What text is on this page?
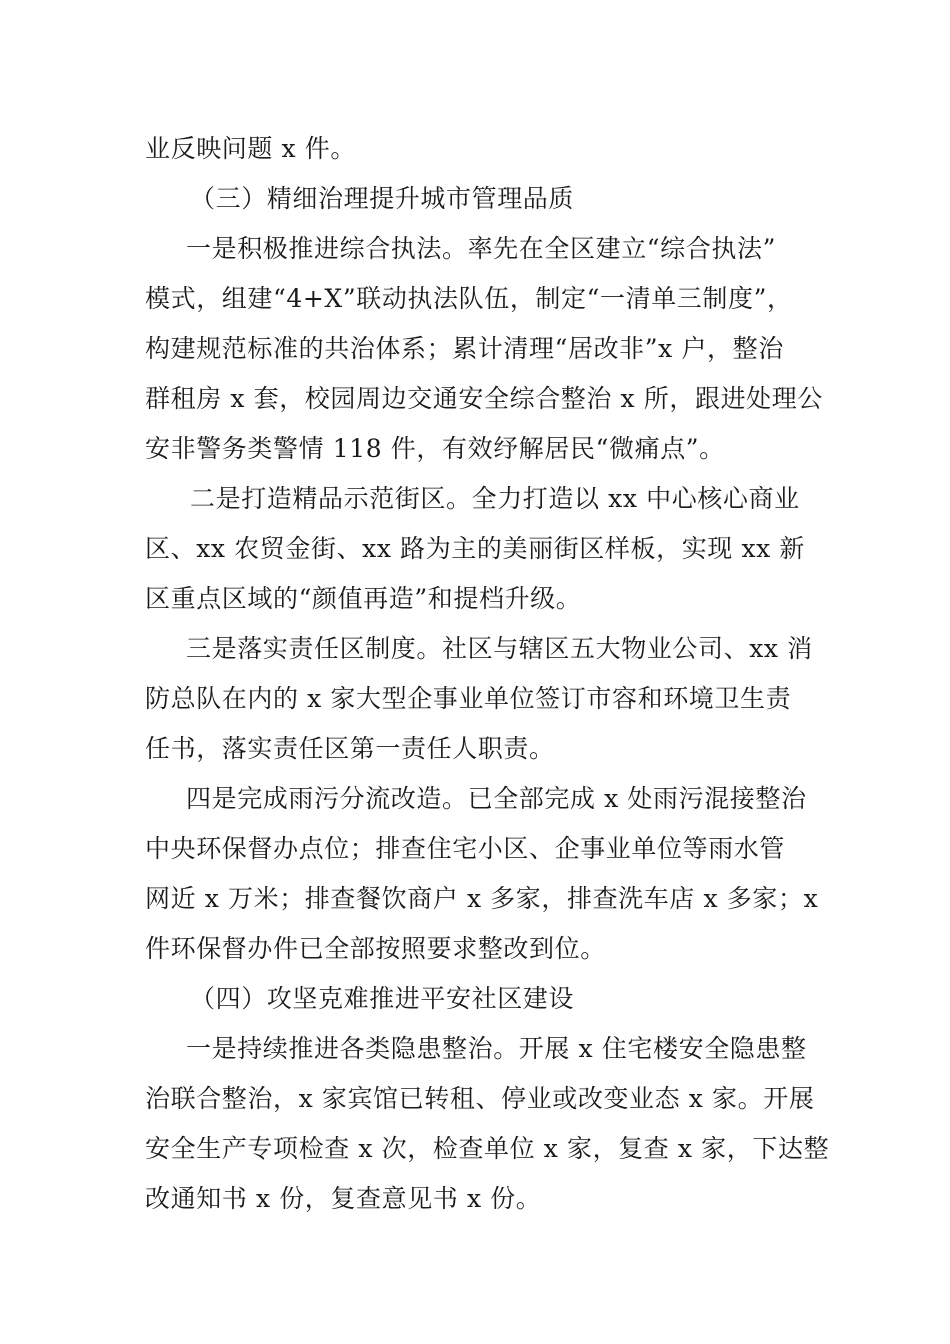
业反映问题 x 件。
（三）精细治理提升城市管理品质
一是积极推进综合执法。率先在全区建立“综合执法”
模式，组建“4+X”联动执法队伍，制定“一清单三制度”，
构建规范标准的共治体系；累计清理“居改非”x 户，整治
群租房 x 套，校园周边交通安全综合整治 x 所，跟进处理公
安非警务类警情 118 件，有效纾解居民“微痛点”。
二是打造精品示范街区。全力打造以 xx 中心核心商业
区、xx 农贸金街、xx 路为主的美丽街区样板，实现 xx 新
区重点区域的“颜值再造”和提档升级。
三是落实责任区制度。社区与辖区五大物业公司、xx 消
防总队在内的 x 家大型企事业单位签订市容和环境卫生责
任书，落实责任区第一责任人职责。
四是完成雨污分流改造。已全部完成 x 处雨污混接整治
中央环保督办点位；排查住宅小区、企事业单位等雨水管
网近 x 万米；排查餐饮商户 x 多家，排查洗车店 x 多家；x
件环保督办件已全部按照要求整改到位。
（四）攻坚克难推进平安社区建设
一是持续推进各类隐患整治。开展 x 住宅楼安全隐患整
治联合整治，x 家宾馆已转租、停业或改变业态 x 家。开展
安全生产专项检查 x 次，检查单位 x 家，复查 x 家，下达整
改通知书 x 份，复查意见书 x 份。
